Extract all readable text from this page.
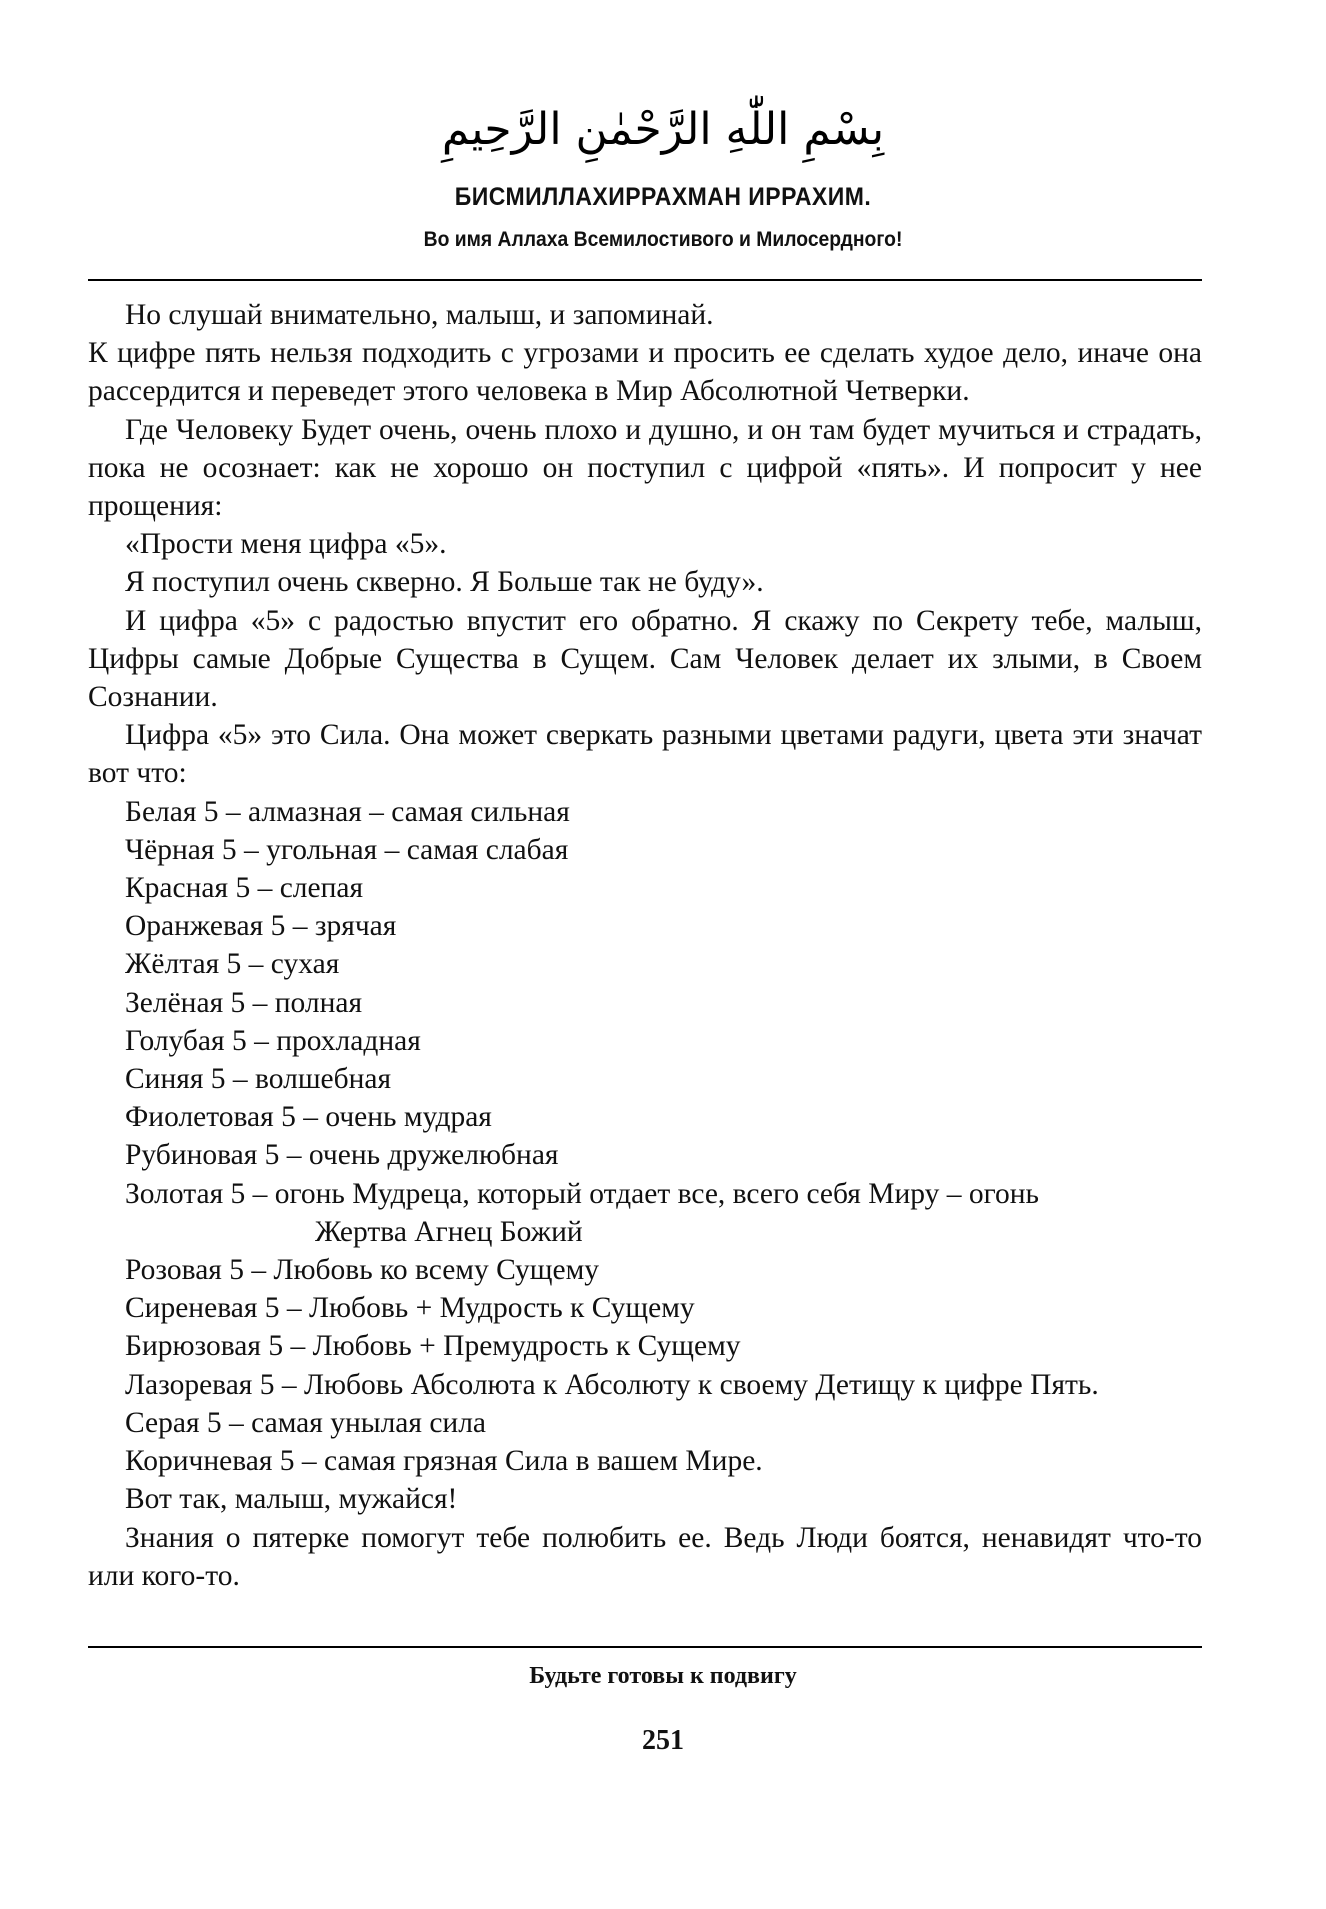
بِسْمِ اللّٰهِ الرَّحْمٰنِ الرَّحِيمِ
БИСМИЛЛАХИРРАХМАН ИРРАХИМ.
Во имя Аллаха Всемилостивого и Милосердного!

Но слушай внимательно, малыш, и запоминай.

К цифре пять нельзя подходить с угрозами и просить ее сделать худое дело, иначе она рассердится и переведет этого человека в Мир Абсолютной Четверки.

Где Человеку Будет очень, очень плохо и душно, и он там будет мучиться и страдать, пока не осознает: как не хорошо он поступил с цифрой «пять». И попросит у нее прощения:

«Прости меня цифра «5».

Я поступил очень скверно. Я Больше так не буду».

И цифра «5» с радостью впустит его обратно. Я скажу по Секрету тебе, малыш, Цифры самые Добрые Существа в Сущем. Сам Человек делает их злыми, в Своем Сознании.

Цифра «5» это Сила. Она может сверкать разными цветами радуги, цвета эти значат вот что:

Белая 5 – алмазная – самая сильная
Чёрная 5 – угольная – самая слабая
Красная 5 – слепая
Оранжевая 5 – зрячая
Жёлтая 5 – сухая
Зелёная 5 – полная
Голубая 5 – прохладная
Синяя 5 – волшебная
Фиолетовая 5 – очень мудрая
Рубиновая 5 – очень дружелюбная
Золотая 5 – огонь Мудреца, который отдает все, всего себя Миру – огонь
Жертва Агнец Божий
Розовая 5 – Любовь ко всему Сущему
Сиреневая 5 – Любовь + Мудрость к Сущему
Бирюзовая 5 – Любовь + Премудрость к Сущему
Лазоревая 5 – Любовь Абсолюта к Абсолюту к своему Детищу к цифре Пять.
Серая 5 – самая унылая сила
Коричневая 5 – самая грязная Сила в вашем Мире.

Вот так, малыш, мужайся!

Знания о пятерке помогут тебе полюбить ее. Ведь Люди боятся, ненавидят что-то или кого-то.

Будьте готовы к подвигу
251
